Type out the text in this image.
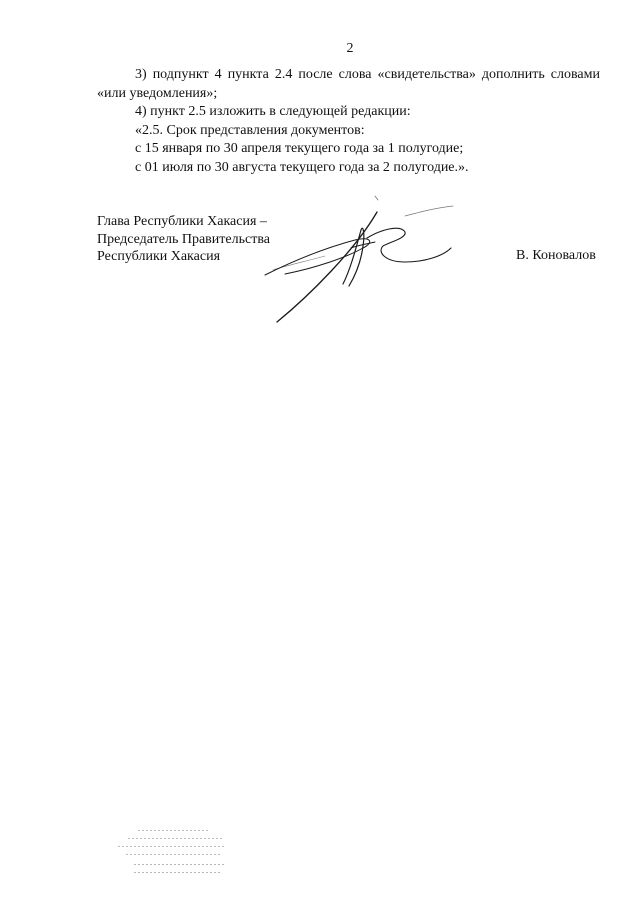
2

3) подпункт 4 пункта 2.4 после слова «свидетельства» дополнить словами «или уведомления»;

4) пункт 2.5 изложить в следующей редакции:

«2.5. Срок представления документов:

с 15 января по 30 апреля текущего года за 1 полугодие;

с 01 июля по 30 августа текущего года за 2 полугодие.».

Глава Республики Хакасия –
Председатель Правительства
Республики Хакасия	В. Коновалов
